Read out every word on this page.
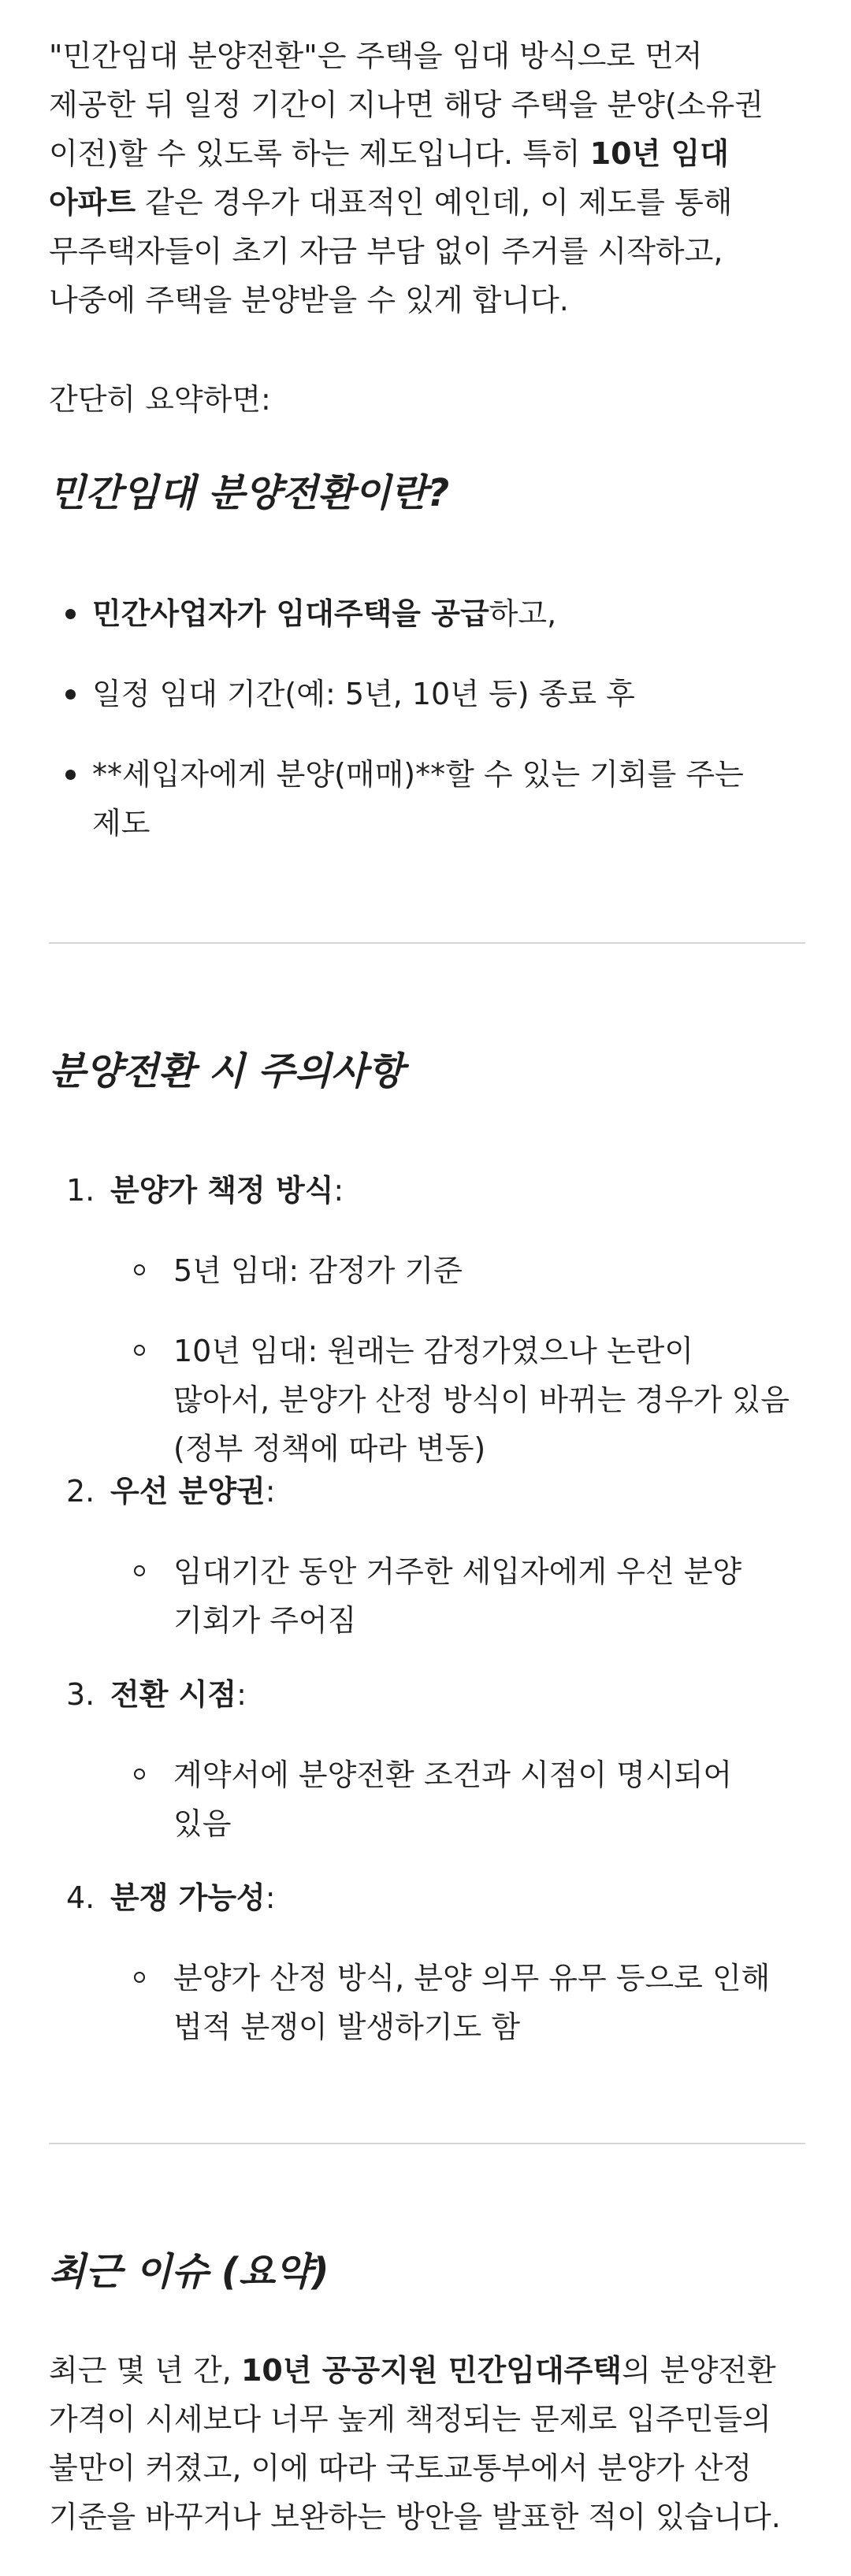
"민간임대 분양전환"은 주택을 임대 방식으로 먼저
제공한 뒤 일정 기간이 지나면 해당 주택을 분양(소유권
이전)할 수 있도록 하는 제도입니다. 특히 10년 임대
아파트 같은 경우가 대표적인 예인데, 이 제도를 통해
무주택자들이 초기 자금 부담 없이 주거를 시작하고,
나중에 주택을 분양받을 수 있게 합니다.
간단히 요약하면:
민간임대 분양전환이란?
민간사업자가 임대주택을 공급하고,
일정 임대 기간(예: 5년, 10년 등) 종료 후
**세입자에게 분양(매매)**할 수 있는 기회를 주는
제도
분양전환 시 주의사항
1. 분양가 책정 방식:
5년 임대: 감정가 기준
10년 임대: 원래는 감정가였으나 논란이
많아서, 분양가 산정 방식이 바뀌는 경우가 있음
(정부 정책에 따라 변동)
2. 우선 분양권:
임대기간 동안 거주한 세입자에게 우선 분양
기회가 주어짐
3. 전환 시점:
계약서에 분양전환 조건과 시점이 명시되어
있음
4. 분쟁 가능성:
분양가 산정 방식, 분양 의무 유무 등으로 인해
법적 분쟁이 발생하기도 함
최근 이슈 (요약)
최근 몇 년 간, 10년 공공지원 민간임대주택의 분양전환
가격이 시세보다 너무 높게 책정되는 문제로 입주민들의
불만이 커졌고, 이에 따라 국토교통부에서 분양가 산정
기준을 바꾸거나 보완하는 방안을 발표한 적이 있습니다.
